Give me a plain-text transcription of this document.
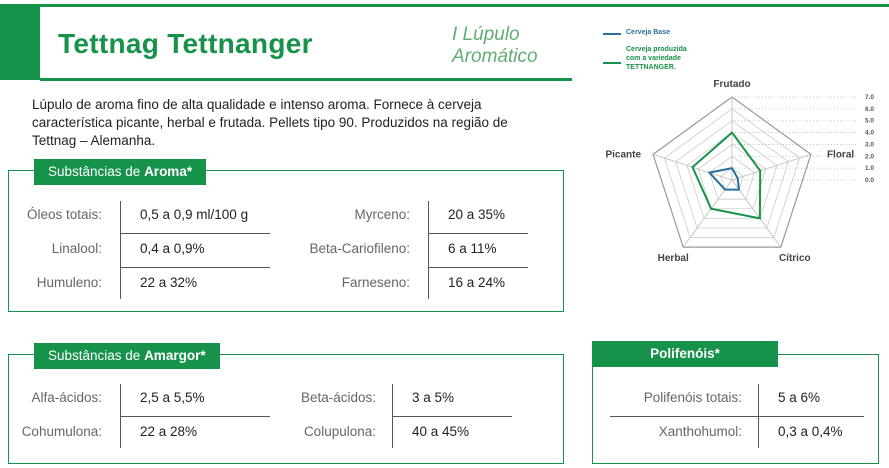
Tettnag Tettnanger	I Lúpulo
Aromático
Lúpulo de aroma fino de alta qualidade e intenso aroma. Fornece à cerveja característica picante, herbal e frutada. Pellets tipo 90. Produzidos na região de Tettnag – Alemanha.
Cerveja Base
Cerveja produzida
com a variedade
TETTNANGER.
7.0
6.0
5.0
4.0
3.0
2.0
1.0
0.0
Frutado
Floral
Cítrico
Herbal
Picante
Substâncias de Aroma*
Óleos totais:	0,5 a 0,9 ml/100 g	Myrceno:	20 a 35%
Linalool:	0,4 a 0,9%	Beta-Cariofileno:	6 a 11%
Humuleno:	22 a 32%	Farneseno:	16 a 24%
Substâncias de Amargor*
Alfa-ácidos:	2,5 a 5,5%	Beta-ácidos:	3 a 5%
Cohumulona:	22 a 28%	Colupulona:	40 a 45%
Polifenóis*
Polifenóis totais:	5 a 6%
Xanthohumol:	0,3 a 0,4%
